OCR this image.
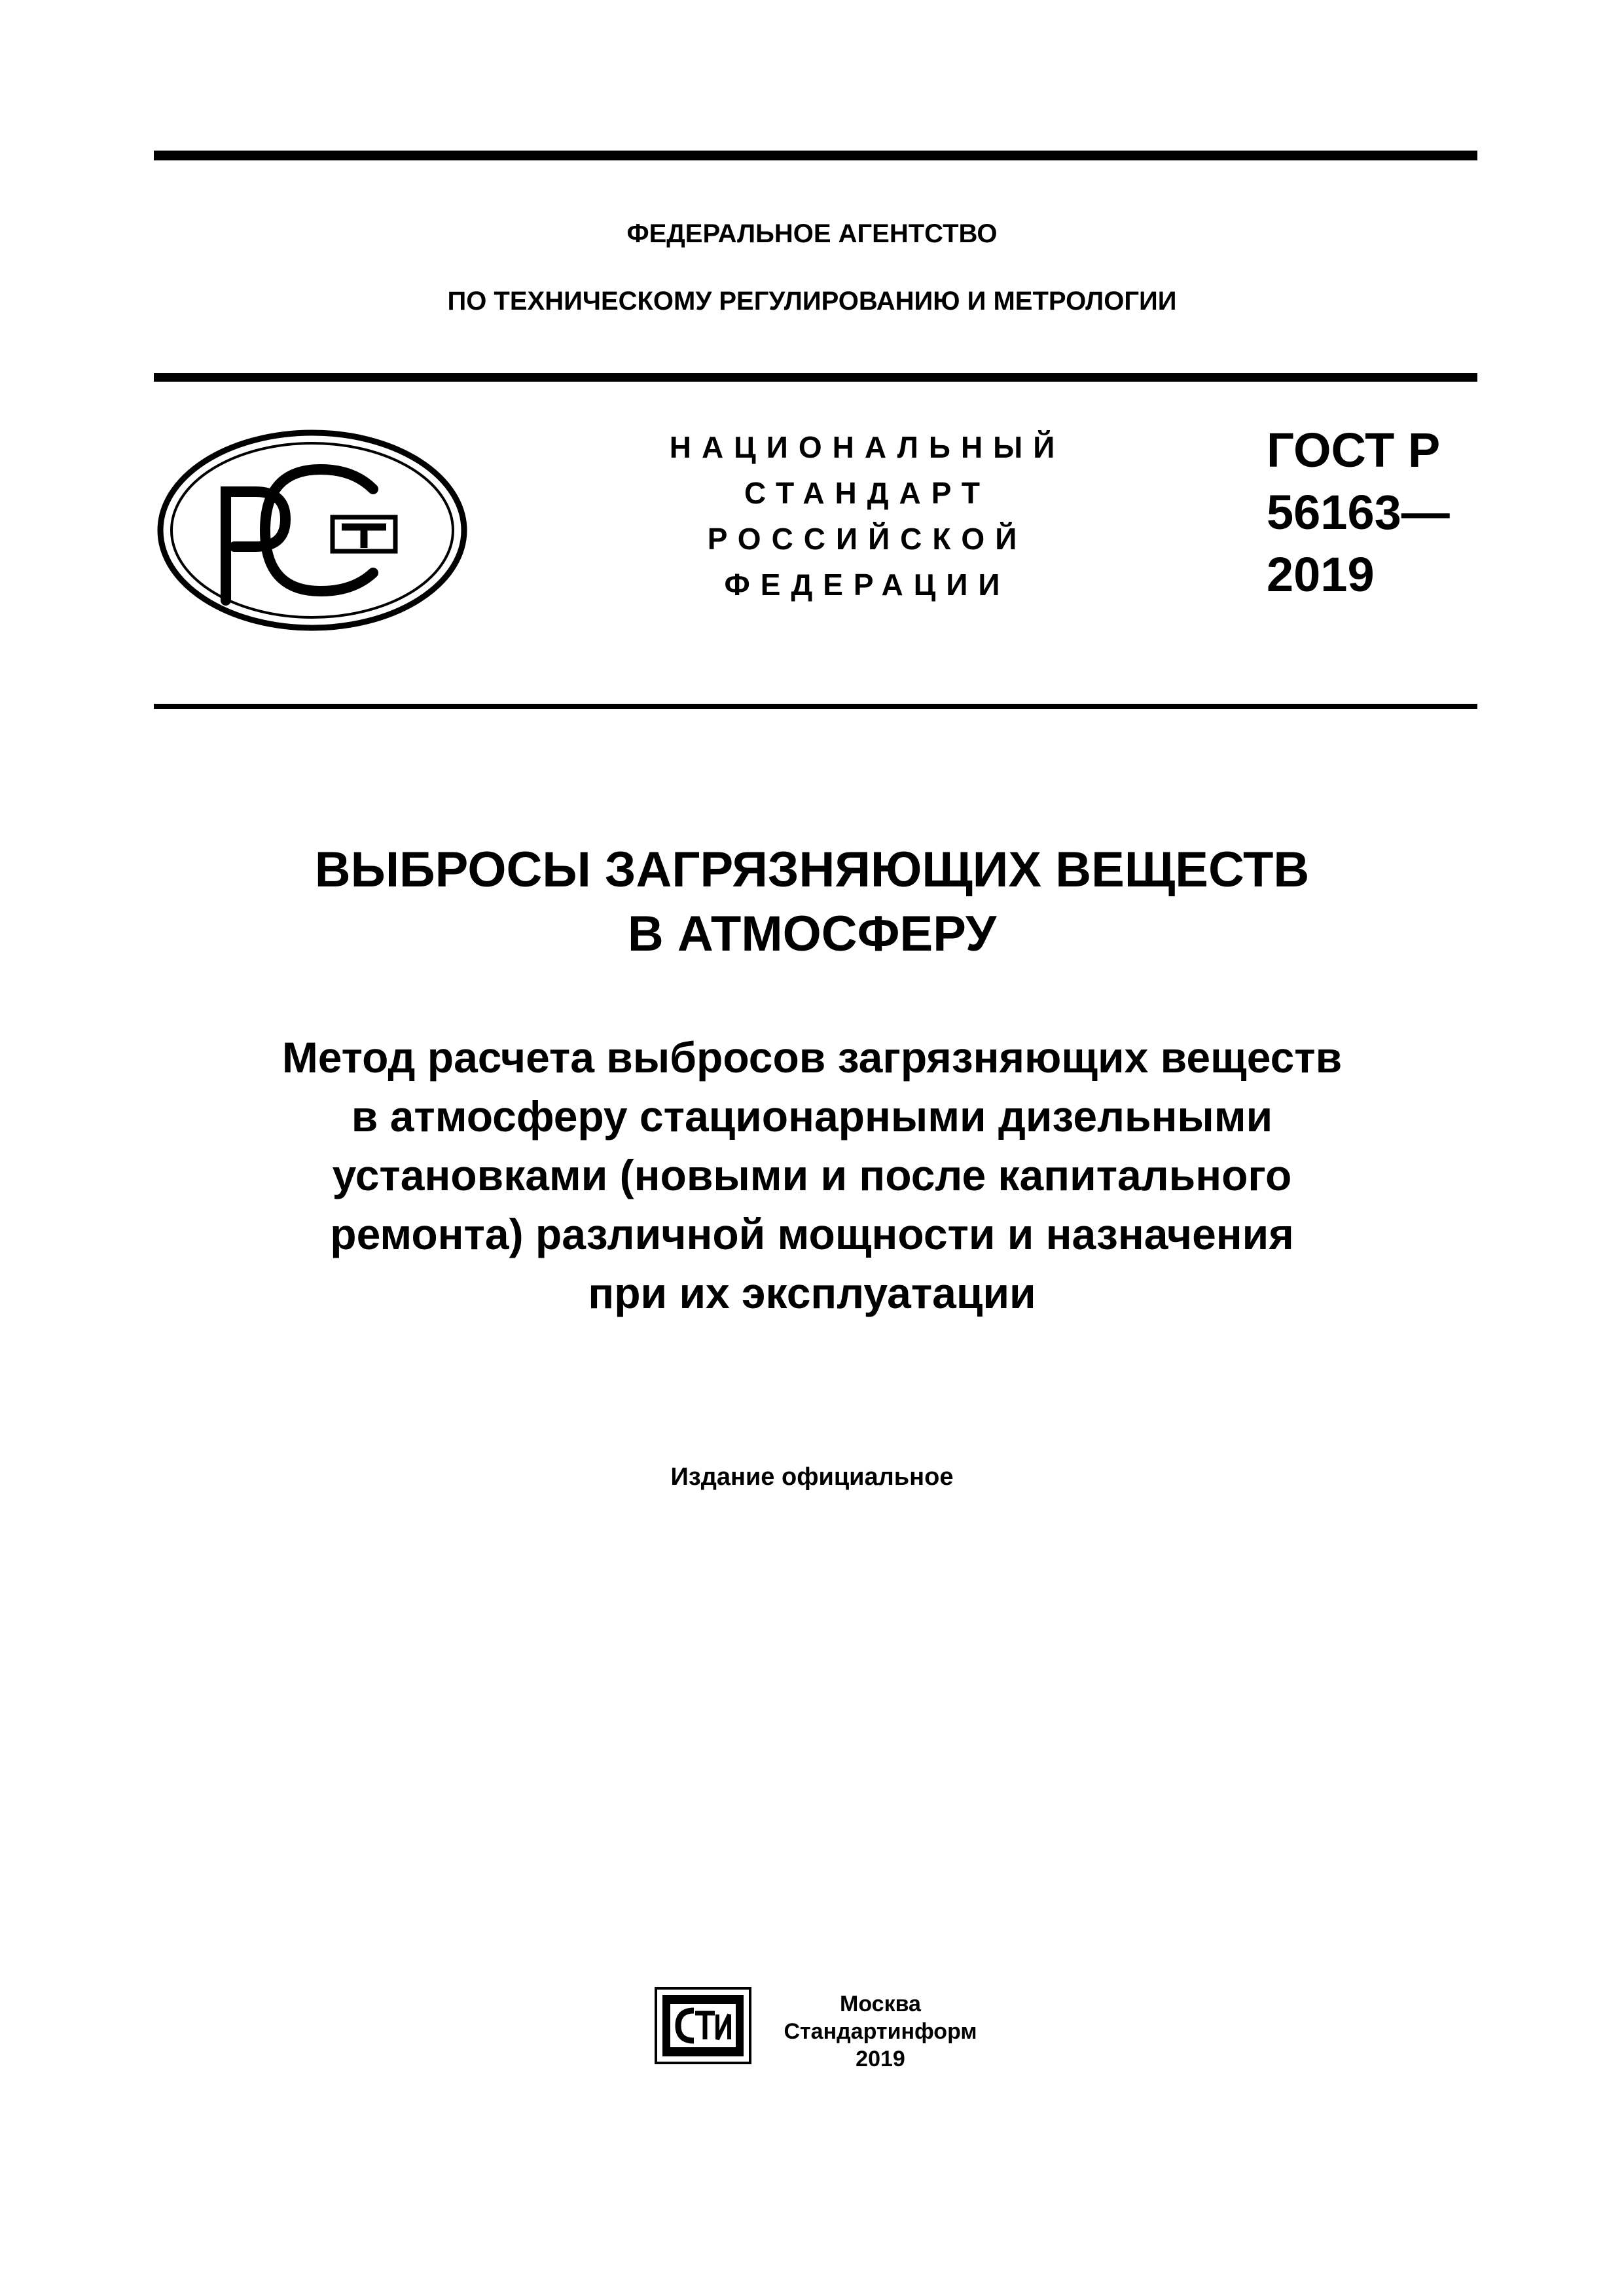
ФЕДЕРАЛЬНОЕ АГЕНТСТВО
ПО ТЕХНИЧЕСКОМУ РЕГУЛИРОВАНИЮ И МЕТРОЛОГИИ
НАЦИОНАЛЬНЫЙ
СТАНДАРТ
РОССИЙСКОЙ
ФЕДЕРАЦИИ
ГОСТ Р
56163—
2019
ВЫБРОСЫ ЗАГРЯЗНЯЮЩИХ ВЕЩЕСТВ
В АТМОСФЕРУ
Метод расчета выбросов загрязняющих веществ
в атмосферу стационарными дизельными
установками (новыми и после капитального
ремонта) различной мощности и назначения
при их эксплуатации
Издание официальное
Москва
Стандартинформ
2019
